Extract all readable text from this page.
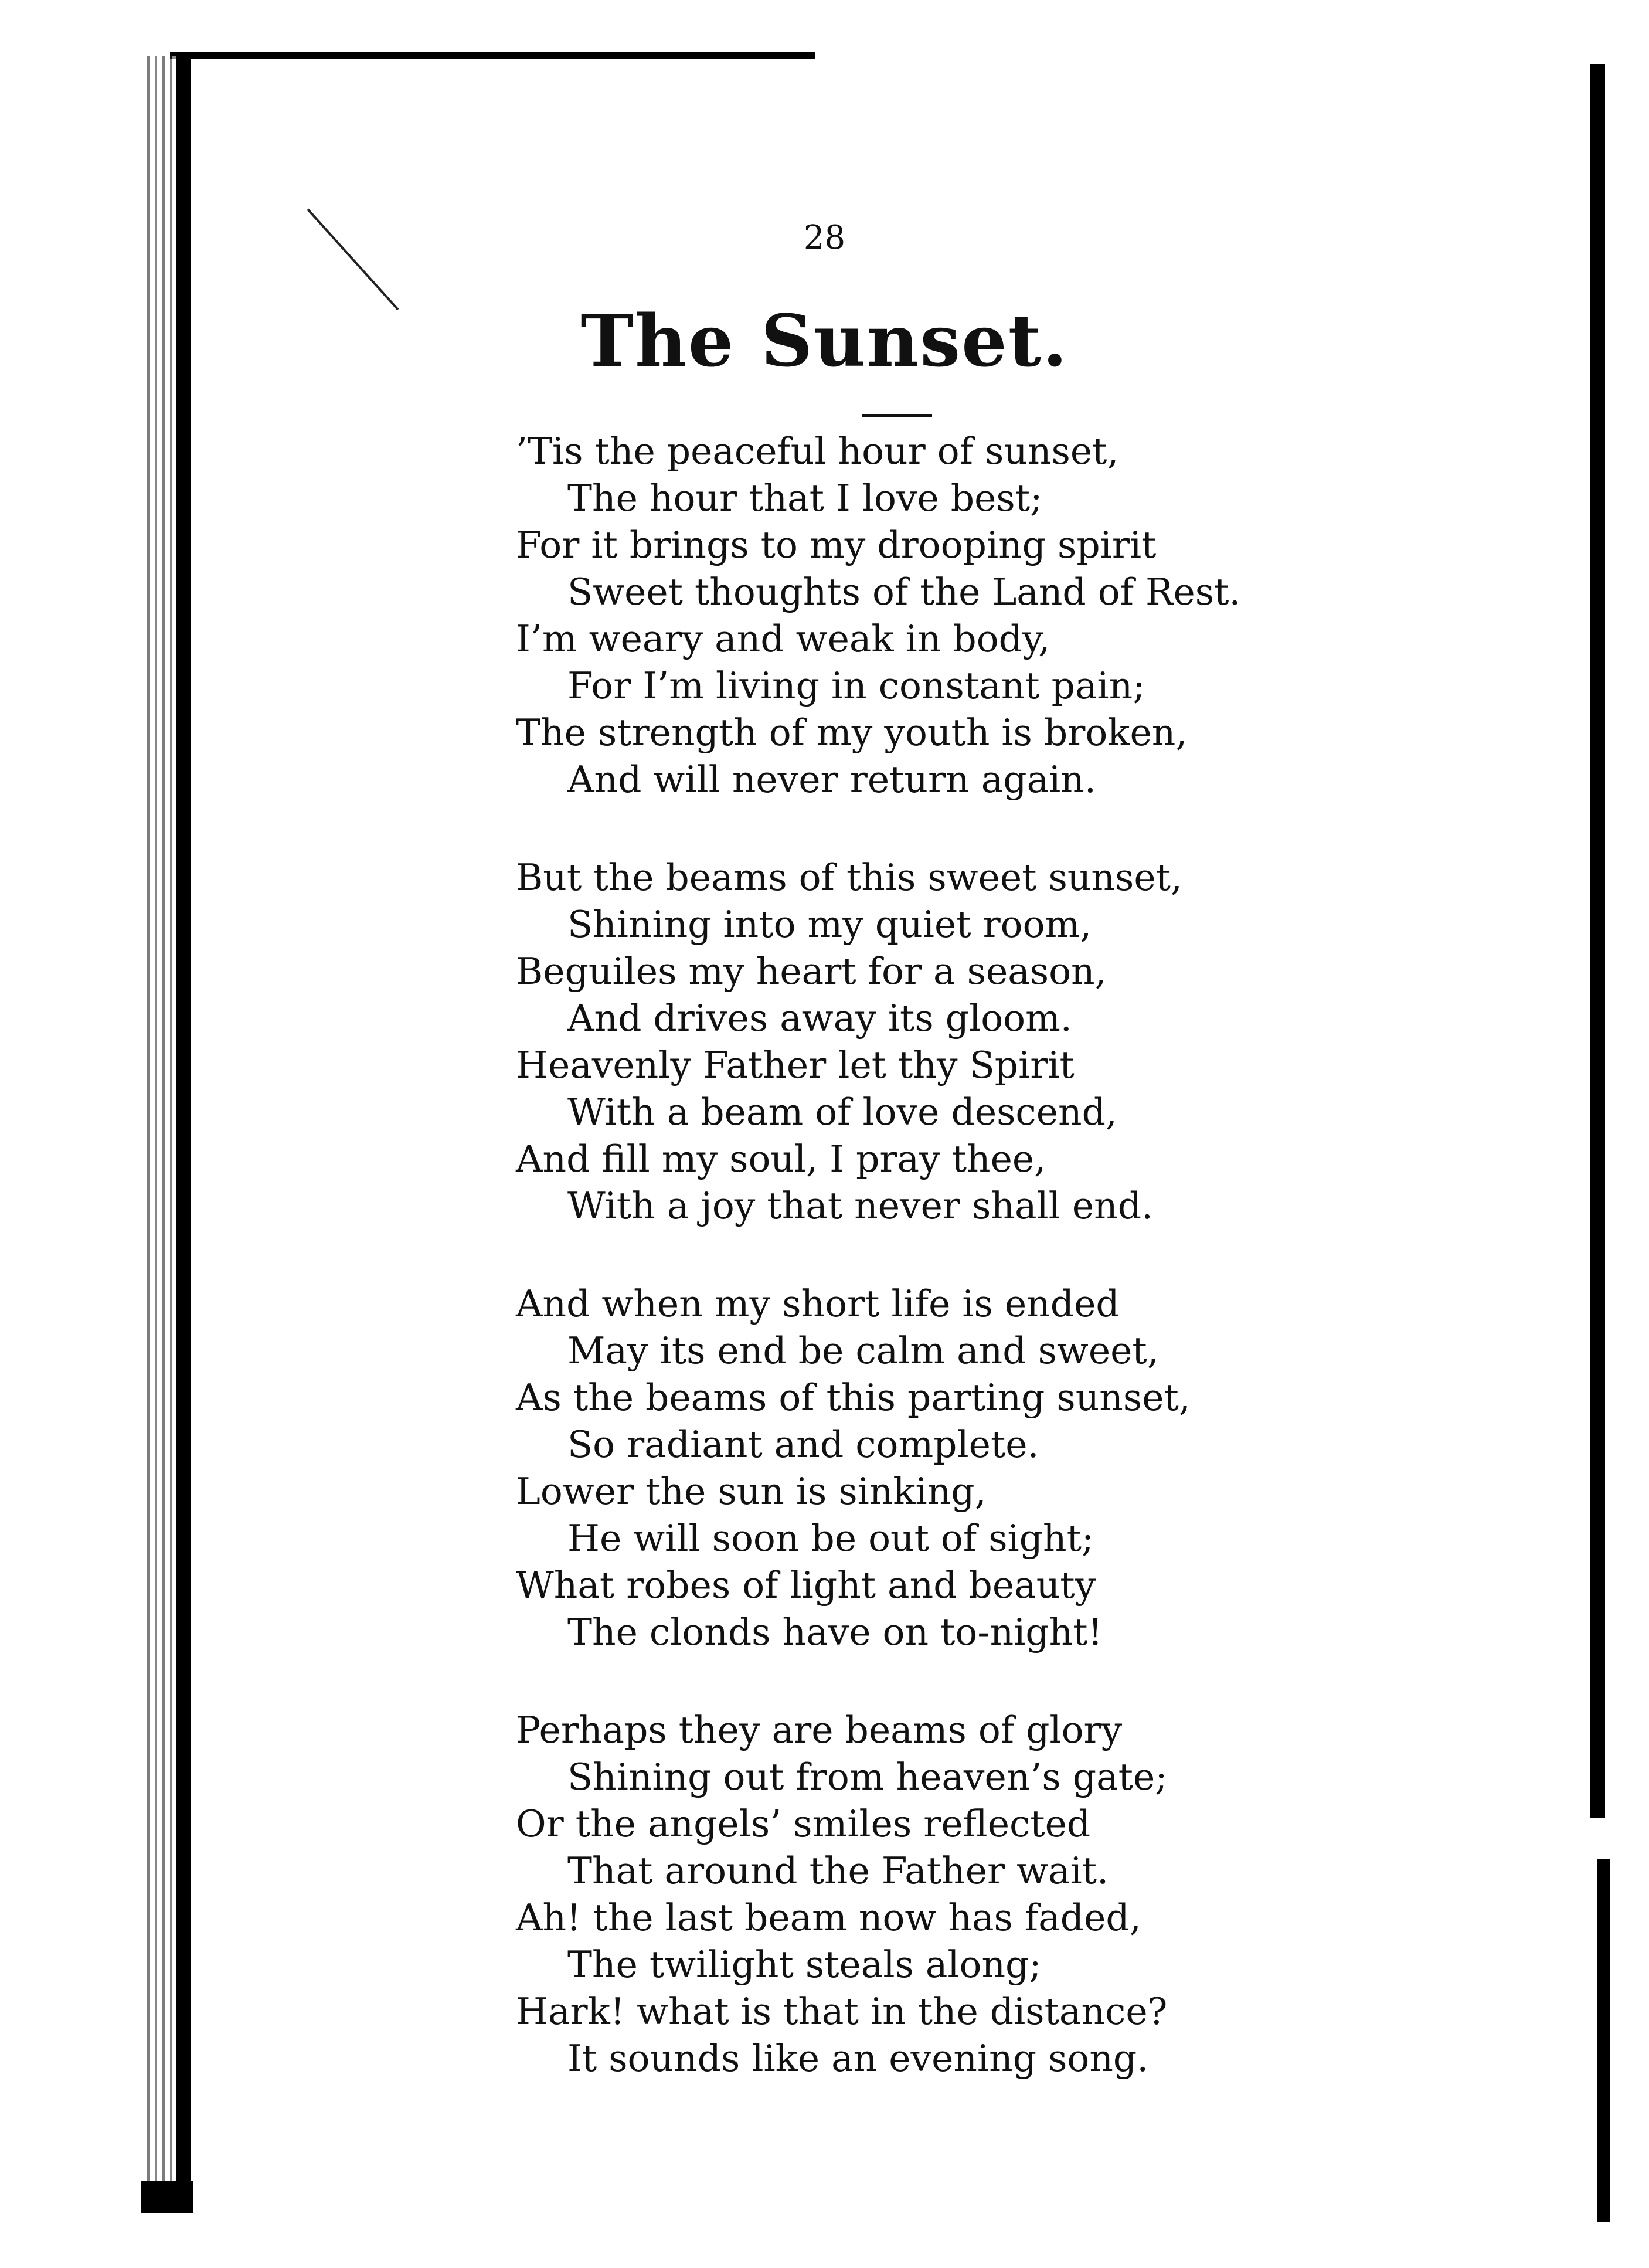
28
The Sunset.
’Tis the peaceful hour of sunset,
The hour that I love best;
For it brings to my drooping spirit
Sweet thoughts of the Land of Rest.
I’m weary and weak in body,
For I’m living in constant pain;
The strength of my youth is broken,
And will never return again.
But the beams of this sweet sunset,
Shining into my quiet room,
Beguiles my heart for a season,
And drives away its gloom.
Heavenly Father let thy Spirit
With a beam of love descend,
And fill my soul, I pray thee,
With a joy that never shall end.
And when my short life is ended
May its end be calm and sweet,
As the beams of this parting sunset,
So radiant and complete.
Lower the sun is sinking,
He will soon be out of sight;
What robes of light and beauty
The clonds have on to-night!
Perhaps they are beams of glory
Shining out from heaven’s gate;
Or the angels’ smiles reflected
That around the Father wait.
Ah! the last beam now has faded,
The twilight steals along;
Hark! what is that in the distance?
It sounds like an evening song.
